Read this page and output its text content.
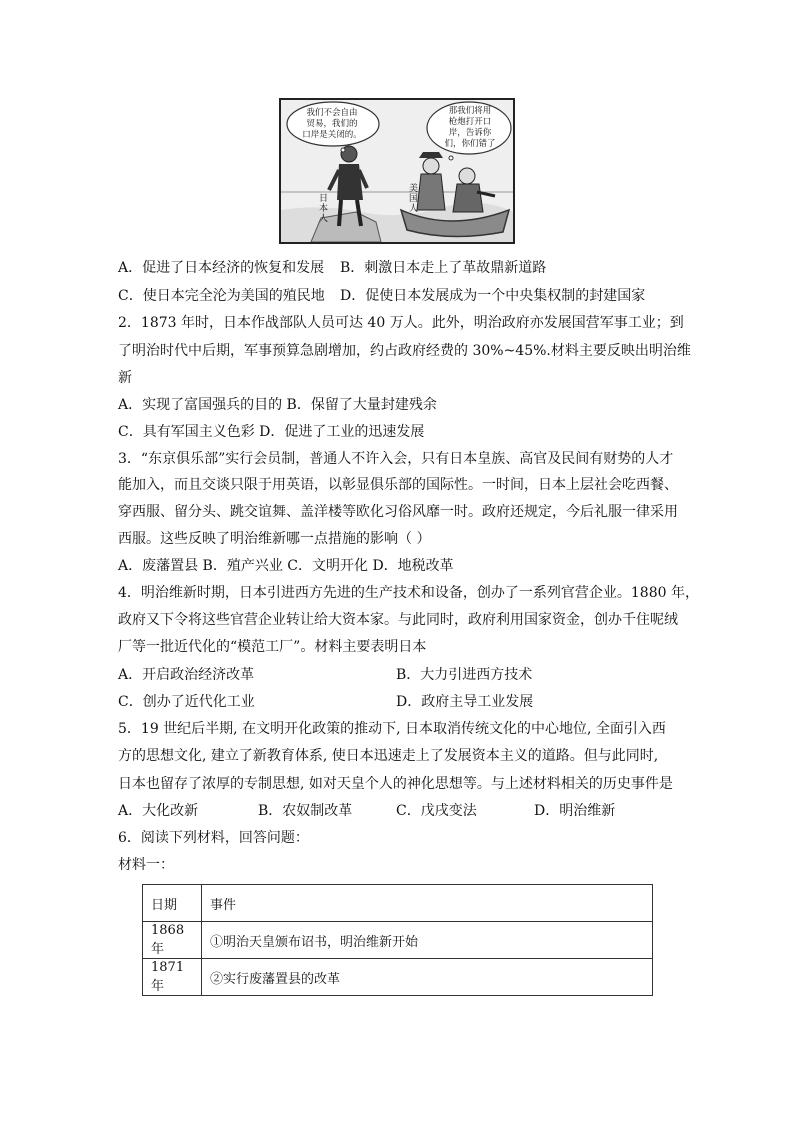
我们不会自由
贸易，我们的
口岸是关闭的。
那我们将用
枪炮打开口
岸，告诉你
们，你们错了
日本人
美国人
A．促进了日本经济的恢复和发展 B．刺激日本走上了革故鼎新道路
C．使日本完全沦为美国的殖民地 D．促使日本发展成为一个中央集权制的封建国家
2．1873 年时，日本作战部队人员可达 40 万人。此外，明治政府亦发展国营军事工业；到
了明治时代中后期，军事预算急剧增加，约占政府经费的 30%~45%.材料主要反映出明治维
新
A．实现了富国强兵的目的 B．保留了大量封建残余
C．具有军国主义色彩 D．促进了工业的迅速发展
3．“东京俱乐部”实行会员制，普通人不许入会，只有日本皇族、高官及民间有财势的人才
能加入，而且交谈只限于用英语，以彰显俱乐部的国际性。一时间，日本上层社会吃西餐、
穿西服、留分头、跳交谊舞、盖洋楼等欧化习俗风靡一时。政府还规定，今后礼服一律采用
西服。这些反映了明治维新哪一点措施的影响（ ）
A．废藩置县 B．殖产兴业 C．文明开化 D．地税改革
4．明治维新时期，日本引进西方先进的生产技术和设备，创办了一系列官营企业。1880 年，
政府又下令将这些官营企业转让给大资本家。与此同时，政府利用国家资金，创办千住呢绒
厂等一批近代化的“模范工厂”。材料主要表明日本
A．开启政治经济改革	B．大力引进西方技术
C．创办了近代化工业	D．政府主导工业发展
5．19 世纪后半期, 在文明开化政策的推动下, 日本取消传统文化的中心地位, 全面引入西
方的思想文化, 建立了新教育体系, 使日本迅速走上了发展资本主义的道路。但与此同时,
日本也留存了浓厚的专制思想, 如对天皇个人的神化思想等。与上述材料相关的历史事件是
A．大化改新	B．农奴制改革	C．戊戌变法	D．明治维新
6．阅读下列材料，回答问题：
材料一：
日期	事件
1868 年	①明治天皇颁布诏书，明治维新开始
1871 年	②实行废藩置县的改革
